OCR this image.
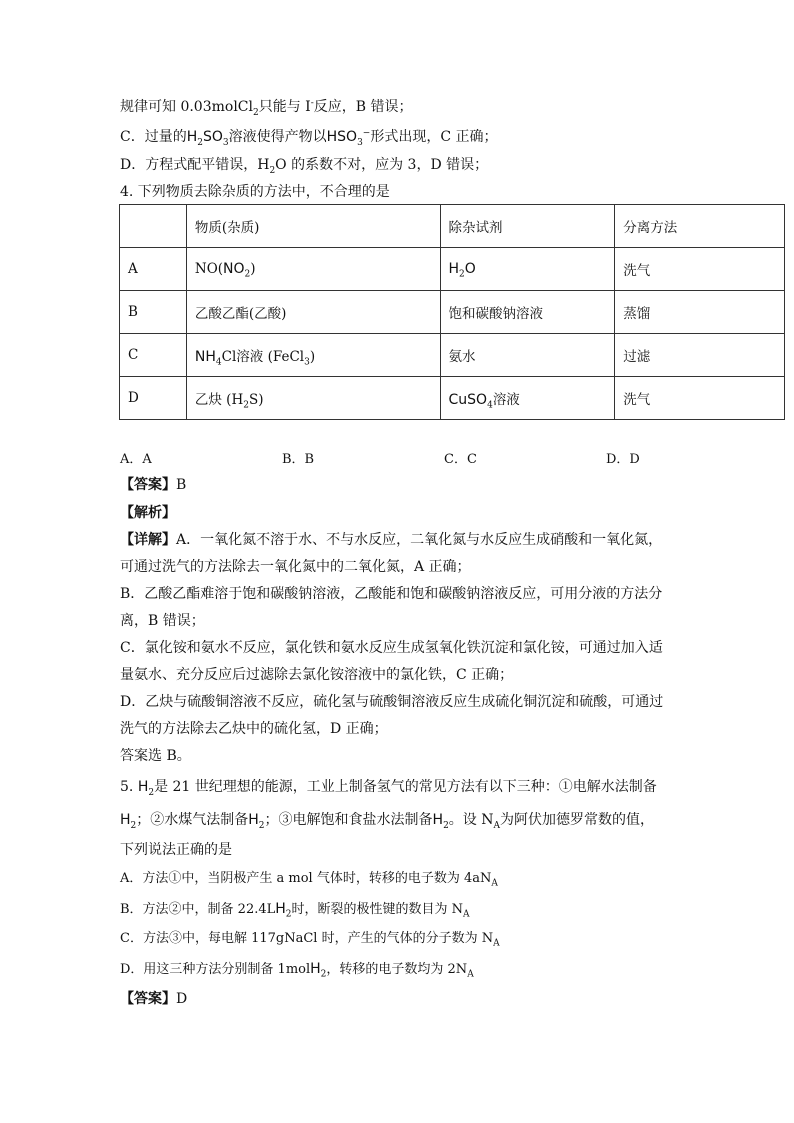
规律可知 0.03molCl$_2$只能与 I-反应，B 错误；
C．过量的$H_2SO_3$溶液使得产物以$HSO_3^-$形式出现，C 正确；
D．方程式配平错误，$H_2O$ 的系数不对，应为 3，D 错误；
4. 下列物质去除杂质的方法中，不合理的是
	物质(杂质)	除杂试剂	分离方法
A	$NO(NO_2)$	$H_2O$	洗气
B	乙酸乙酯(乙酸)	饱和碳酸钠溶液	蒸馏
C	$NH_4Cl$溶液 (FeCl$_3$)	氨水	过滤
D	乙炔 $(H_2S)$	CuSO$_4$溶液	洗气
A．A	B．B	C．C	D．D
【答案】B
【解析】
【详解】A．一氧化氮不溶于水、不与水反应，二氧化氮与水反应生成硝酸和一氧化氮，
可通过洗气的方法除去一氧化氮中的二氧化氮，A 正确；
B．乙酸乙酯难溶于饱和碳酸钠溶液，乙酸能和饱和碳酸钠溶液反应，可用分液的方法分
离，B 错误；
C．氯化铵和氨水不反应，氯化铁和氨水反应生成氢氧化铁沉淀和氯化铵，可通过加入适
量氨水、充分反应后过滤除去氯化铵溶液中的氯化铁，C 正确；
D．乙炔与硫酸铜溶液不反应，硫化氢与硫酸铜溶液反应生成硫化铜沉淀和硫酸，可通过
洗气的方法除去乙炔中的硫化氢，D 正确；
答案选 B。
5. $H_2$是 21 世纪理想的能源，工业上制备氢气的常见方法有以下三种：①电解水法制备
$H_2$；②水煤气法制备$H_2$；③电解饱和食盐水法制备$H_2$。设 $N_A$为阿伏加德罗常数的值，
下列说法正确的是
A．方法①中，当阴极产生 a mol 气体时，转移的电子数为 $4aN_A$
B．方法②中，制备 $22.4LH_2$时，断裂的极性键的数目为 $N_A$
C．方法③中，每电解 117gNaCl 时，产生的气体的分子数为 $N_A$
D．用这三种方法分别制备 1molH$_2$，转移的电子数均为 $2N_A$
【答案】D
